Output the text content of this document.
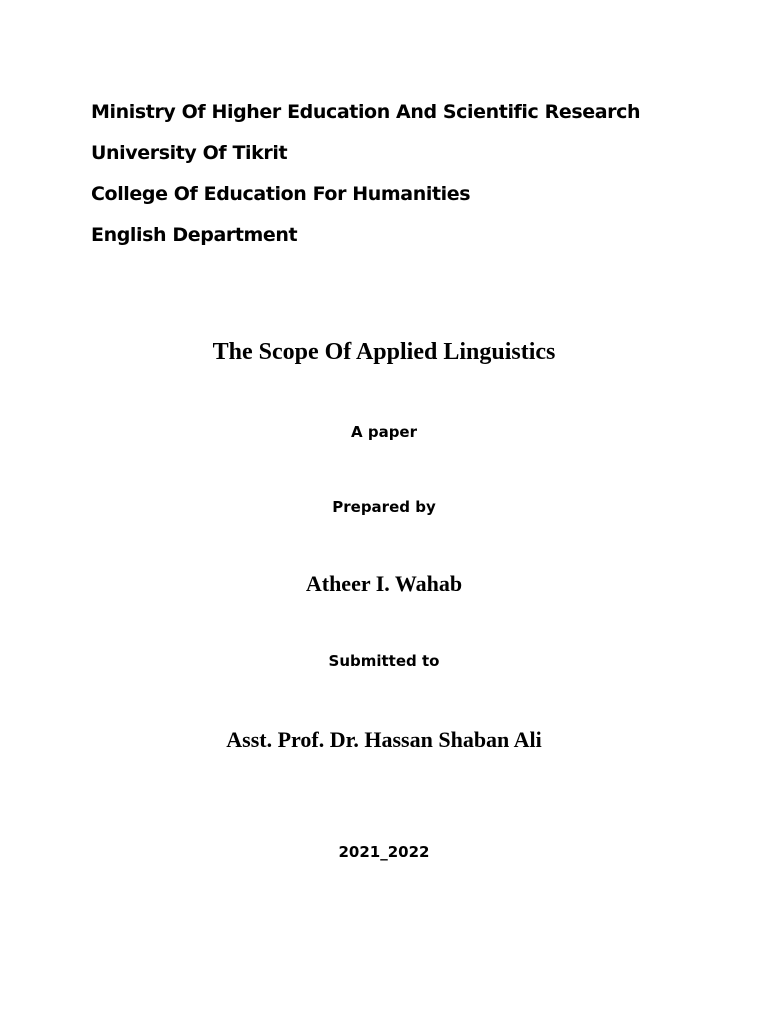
Ministry Of Higher Education And Scientific Research
University Of Tikrit
College Of Education For Humanities
English Department
The Scope Of Applied Linguistics
A paper
Prepared by
Atheer I. Wahab
Submitted to
Asst. Prof. Dr. Hassan Shaban Ali
2021_2022
